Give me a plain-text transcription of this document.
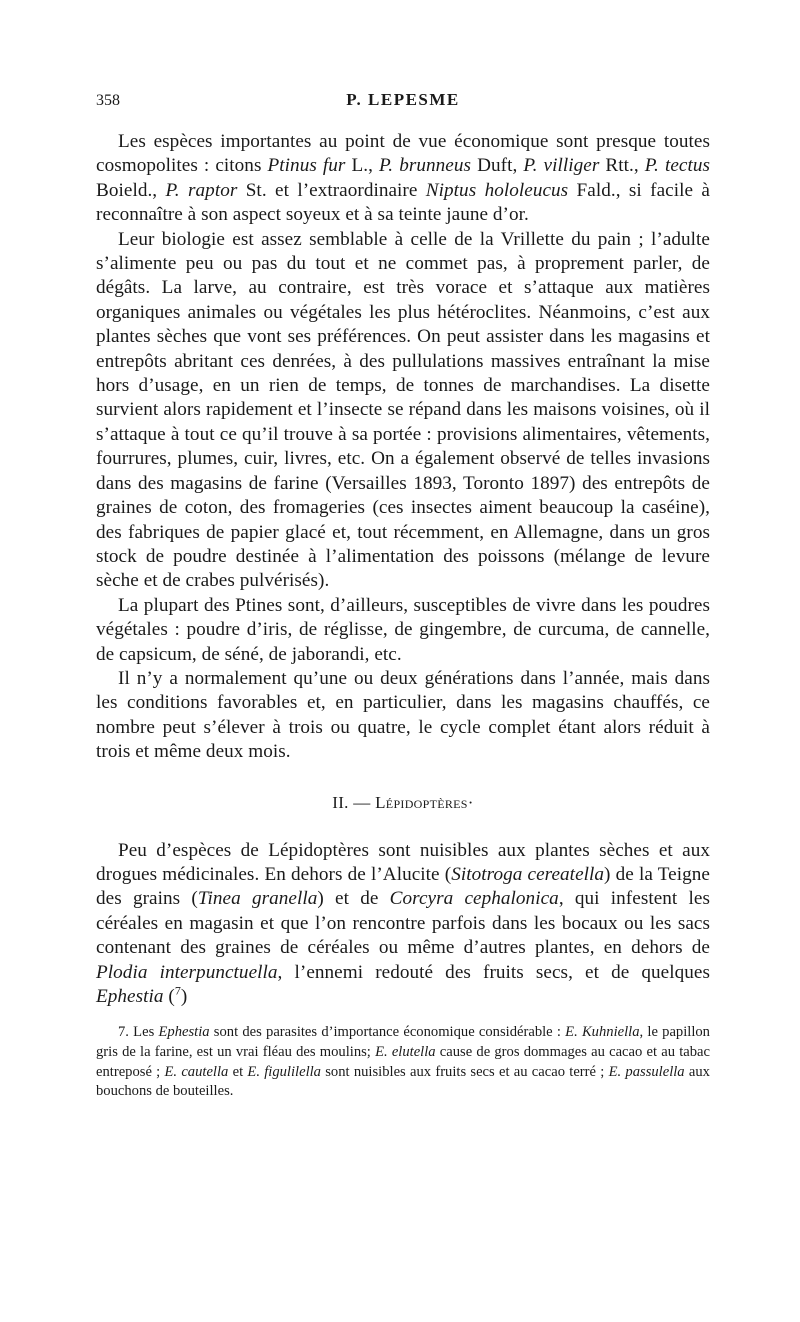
358	P. LEPESME

Les espèces importantes au point de vue économique sont presque toutes cosmopolites : citons Ptinus fur L., P. brunneus Duft, P. villiger Rtt., P. tectus Boield., P. raptor St. et l’extraordinaire Niptus hololeucus Fald., si facile à reconnaître à son aspect soyeux et à sa teinte jaune d’or.

Leur biologie est assez semblable à celle de la Vrillette du pain ; l’adulte s’alimente peu ou pas du tout et ne commet pas, à proprement parler, de dégâts. La larve, au contraire, est très vorace et s’attaque aux matières organiques animales ou végétales les plus hétéroclites. Néanmoins, c’est aux plantes sèches que vont ses préférences. On peut assister dans les magasins et entrepôts abritant ces denrées, à des pullulations massives entraînant la mise hors d’usage, en un rien de temps, de tonnes de marchandises. La disette survient alors rapidement et l’insecte se répand dans les maisons voisines, où il s’attaque à tout ce qu’il trouve à sa portée : provisions alimentaires, vêtements, fourrures, plumes, cuir, livres, etc. On a également observé de telles invasions dans des magasins de farine (Versailles 1893, Toronto 1897) des entrepôts de graines de coton, des fromageries (ces insectes aiment beaucoup la caséine), des fabriques de papier glacé et, tout récemment, en Allemagne, dans un gros stock de poudre destinée à l’alimentation des poissons (mélange de levure sèche et de crabes pulvérisés).

La plupart des Ptines sont, d’ailleurs, susceptibles de vivre dans les poudres végétales : poudre d’iris, de réglisse, de gingembre, de curcuma, de cannelle, de capsicum, de séné, de jaborandi, etc.

Il n’y a normalement qu’une ou deux générations dans l’année, mais dans les conditions favorables et, en particulier, dans les magasins chauffés, ce nombre peut s’élever à trois ou quatre, le cycle complet étant alors réduit à trois et même deux mois.

II. — Lépidoptères·

Peu d’espèces de Lépidoptères sont nuisibles aux plantes sèches et aux drogues médicinales. En dehors de l’Alucite (Sitotroga cereatella) de la Teigne des grains (Tinea granella) et de Corcyra cephalonica, qui infestent les céréales en magasin et que l’on rencontre parfois dans les bocaux ou les sacs contenant des graines de céréales ou même d’autres plantes, en dehors de Plodia interpunctuella, l’ennemi redouté des fruits secs, et de quelques Ephestia ($^7$)

7. Les Ephestia sont des parasites d’importance économique considérable : E. Kuhniella, le papillon gris de la farine, est un vrai fléau des moulins; E. elutella cause de gros dommages au cacao et au tabac entreposé ; E. cautella et E. figulilella sont nuisibles aux fruits secs et au cacao terré ; E. passulella aux bouchons de bouteilles.
